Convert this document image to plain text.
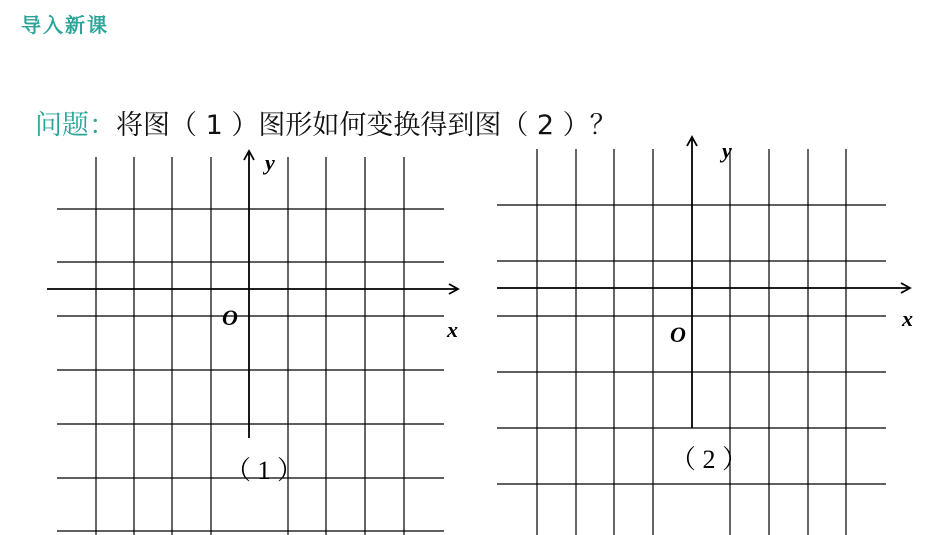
导入新课
问题：将图（ 1 ）图形如何变换得到图（ 2 ）？
y
x
O
（ 1 ）
y
x
O
（ 2 ）
